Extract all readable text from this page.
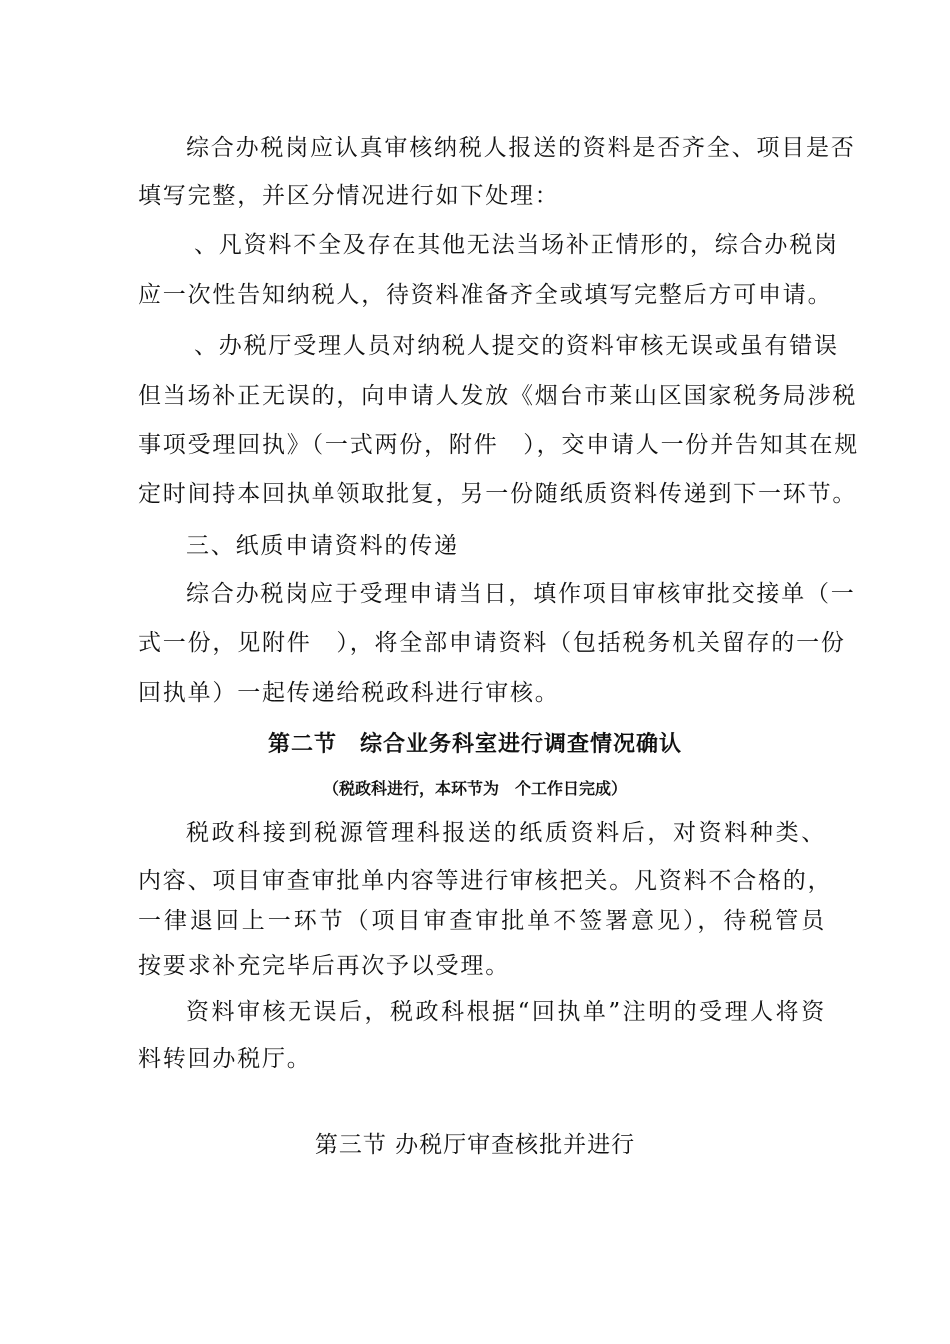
综合办税岗应认真审核纳税人报送的资料是否齐全、项目是否
填写完整，并区分情况进行如下处理：
、凡资料不全及存在其他无法当场补正情形的，综合办税岗
应一次性告知纳税人，待资料准备齐全或填写完整后方可申请。
、办税厅受理人员对纳税人提交的资料审核无误或虽有错误
但当场补正无误的，向申请人发放《烟台市莱山区国家税务局涉税
事项受理回执》（一式两份，附件　），交申请人一份并告知其在规
定时间持本回执单领取批复，另一份随纸质资料传递到下一环节。
三、纸质申请资料的传递
综合办税岗应于受理申请当日，填作项目审核审批交接单（一
式一份，见附件　），将全部申请资料（包括税务机关留存的一份
回执单）一起传递给税政科进行审核。
第二节　综合业务科室进行调查情况确认
（税政科进行，本环节为　个工作日完成）
税政科接到税源管理科报送的纸质资料后，对资料种类、
内容、项目审查审批单内容等进行审核把关。凡资料不合格的，
一律退回上一环节（项目审查审批单不签署意见），待税管员
按要求补充完毕后再次予以受理。
资料审核无误后，税政科根据“回执单”注明的受理人将资
料转回办税厅。
第三节 办税厅审查核批并进行
